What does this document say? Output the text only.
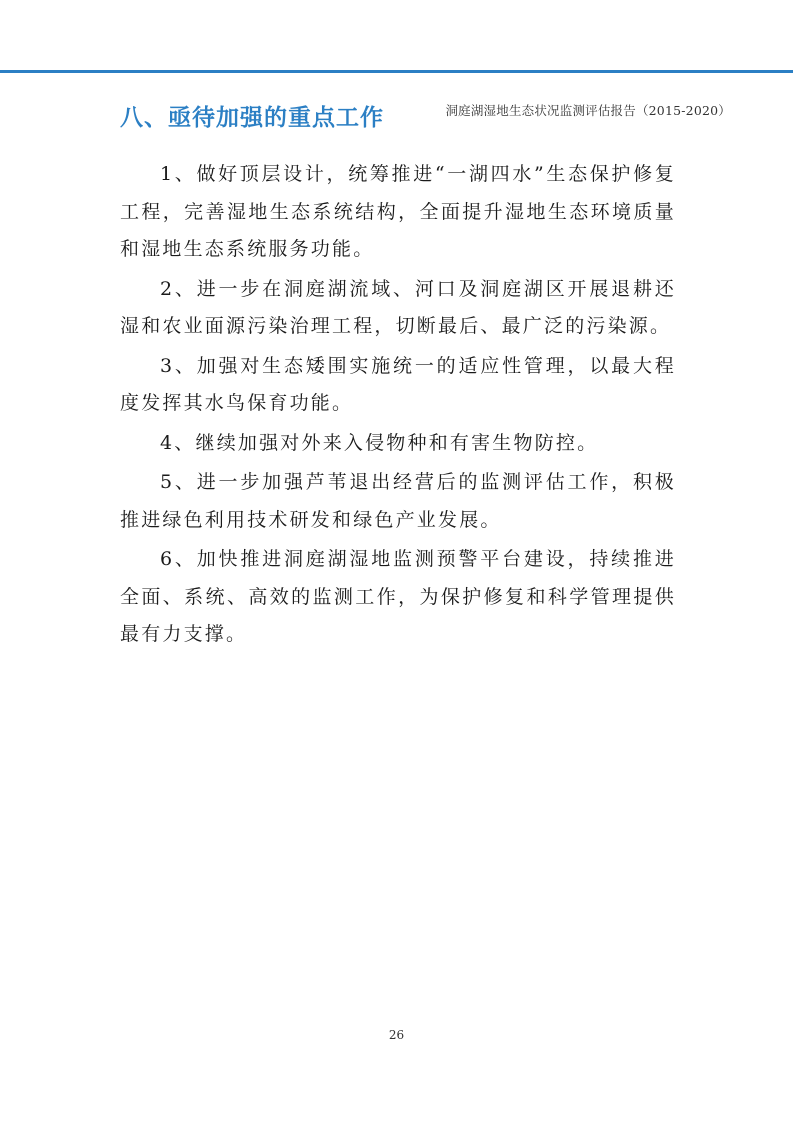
洞庭湖湿地生态状况监测评估报告（2015-2020）
八、亟待加强的重点工作

1、做好顶层设计，统筹推进“一湖四水”生态保护修复工程，完善湿地生态系统结构，全面提升湿地生态环境质量和湿地生态系统服务功能。

2、进一步在洞庭湖流域、河口及洞庭湖区开展退耕还湿和农业面源污染治理工程，切断最后、最广泛的污染源。

3、加强对生态矮围实施统一的适应性管理，以最大程度发挥其水鸟保育功能。

4、继续加强对外来入侵物种和有害生物防控。

5、进一步加强芦苇退出经营后的监测评估工作，积极推进绿色利用技术研发和绿色产业发展。

6、加快推进洞庭湖湿地监测预警平台建设，持续推进全面、系统、高效的监测工作，为保护修复和科学管理提供最有力支撑。

26
